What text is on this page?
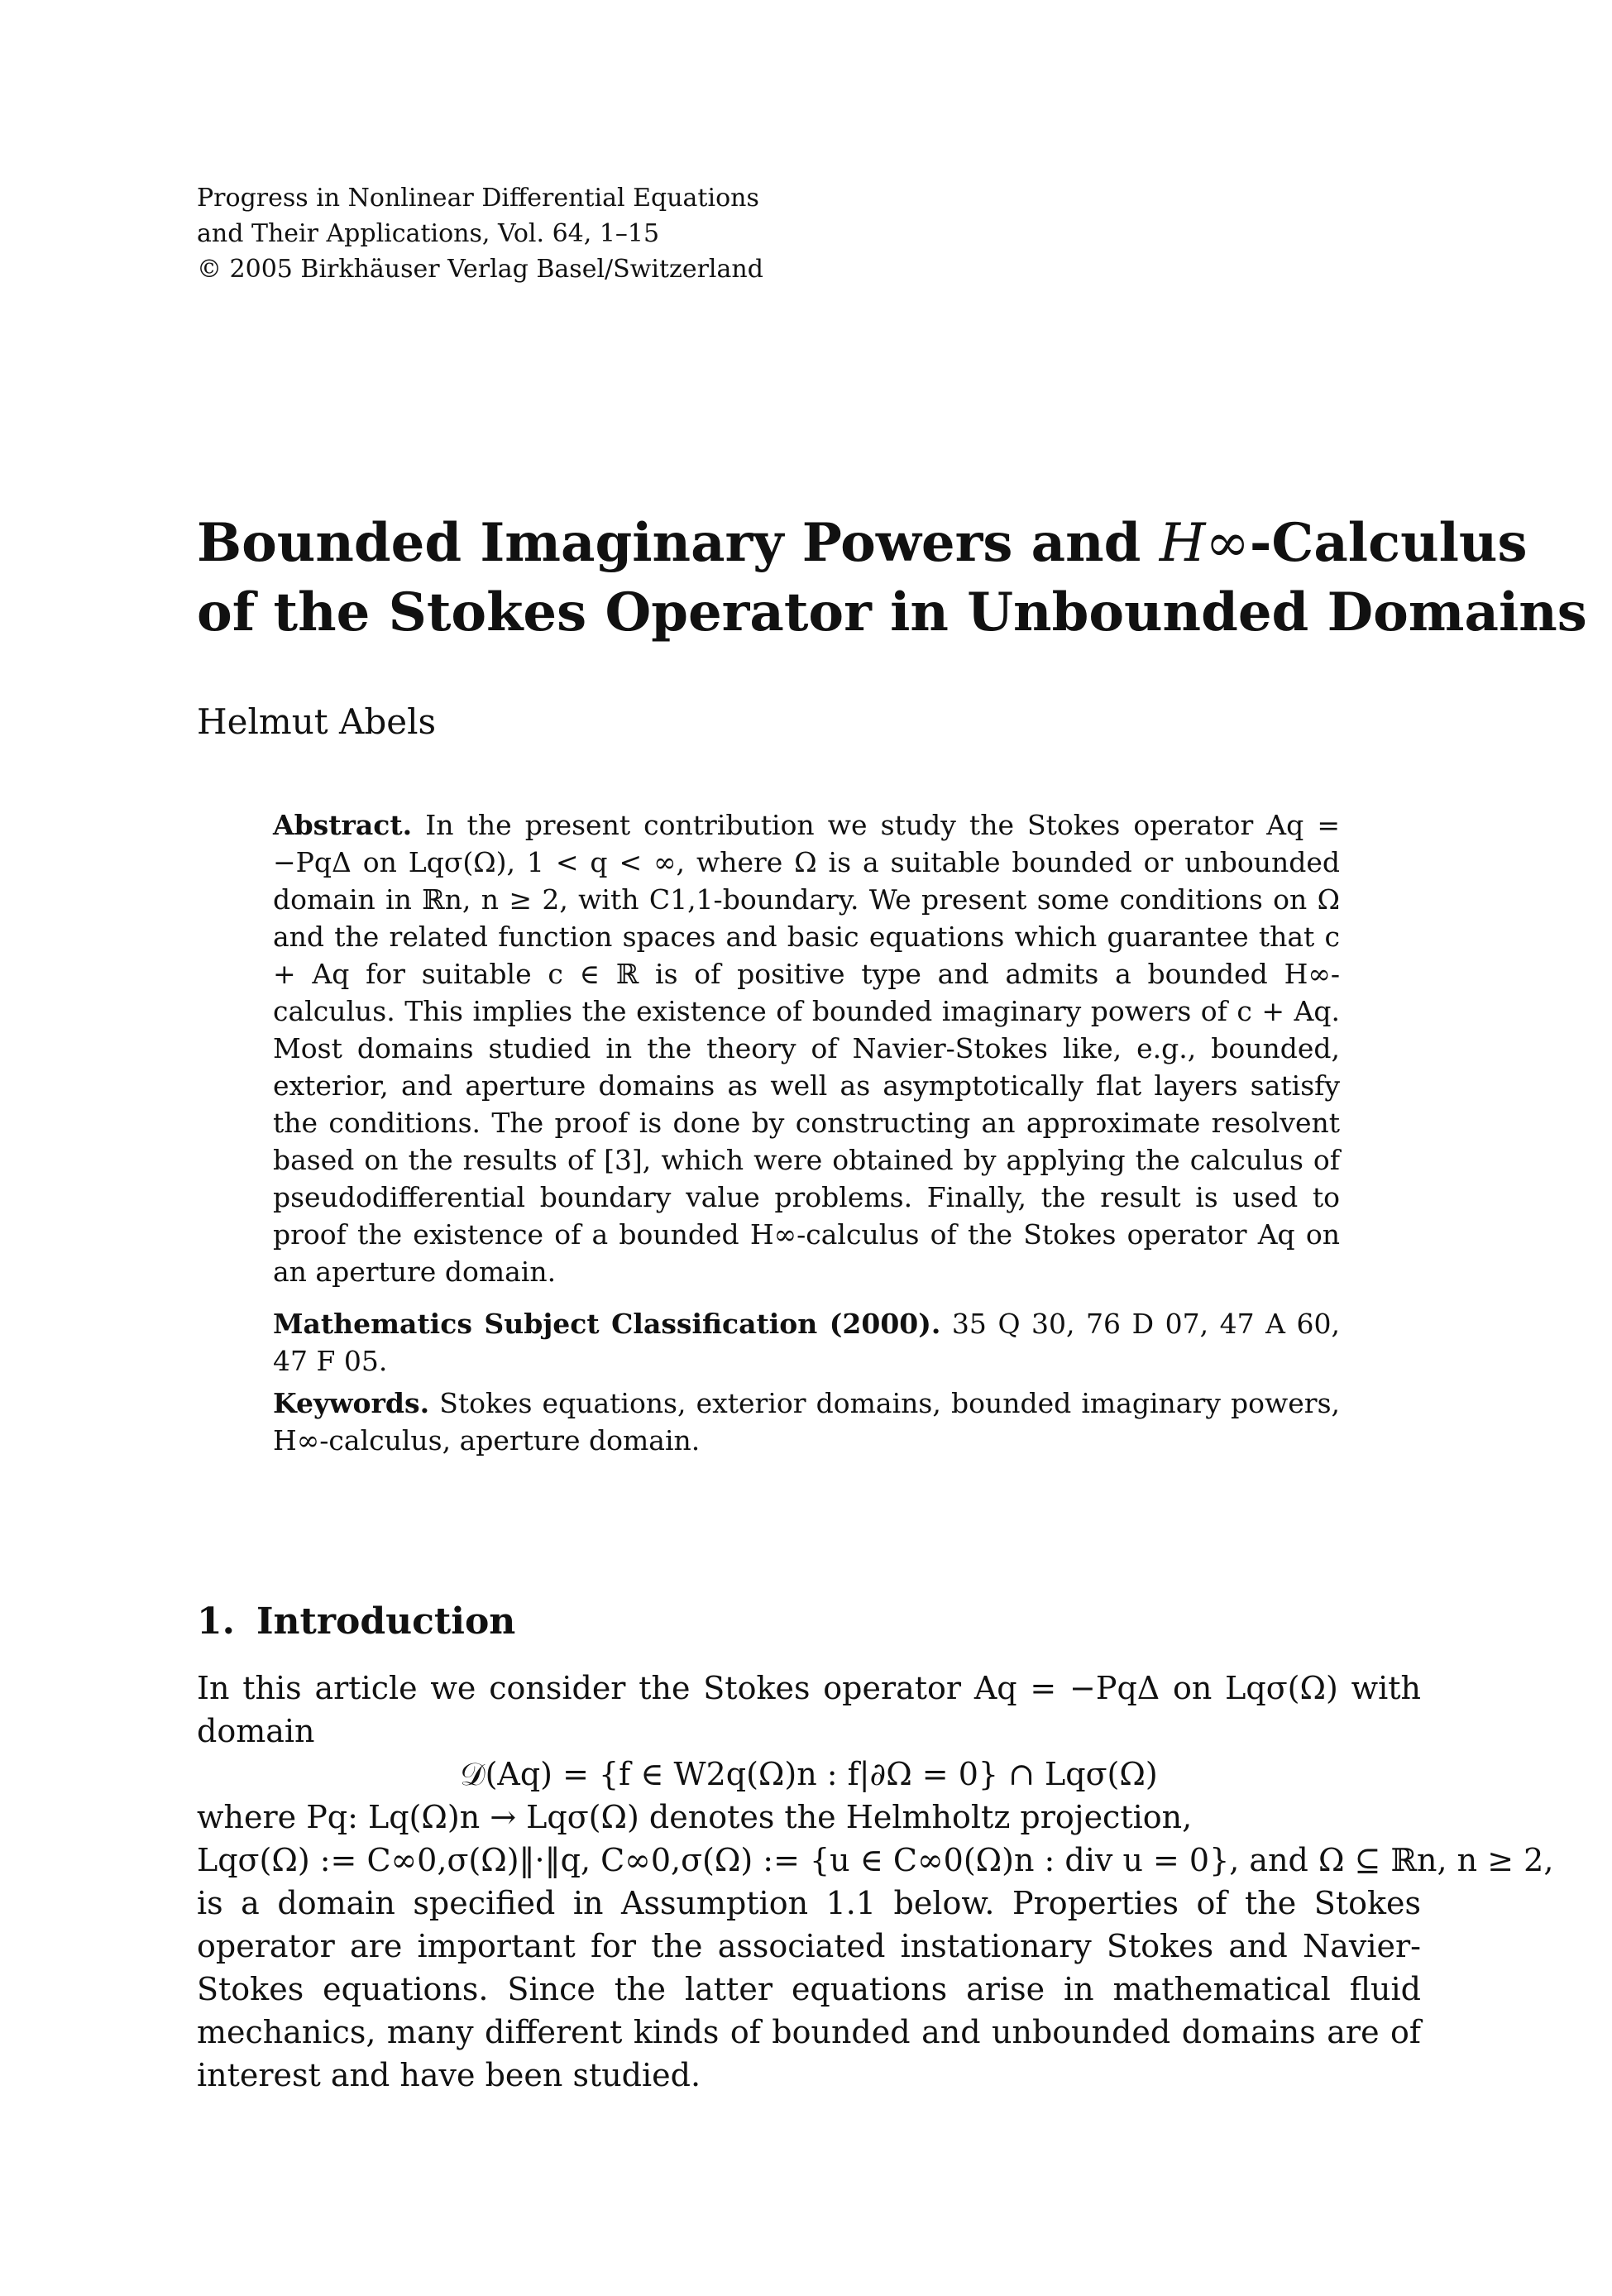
Progress in Nonlinear Differential Equations
and Their Applications, Vol. 64, 1–15
© 2005 Birkhäuser Verlag Basel/Switzerland
Bounded Imaginary Powers and H∞-Calculus
of the Stokes Operator in Unbounded Domains
Helmut Abels

Abstract. In the present contribution we study the Stokes operator Aq = −PqΔ on Lqσ(Ω), 1 < q < ∞, where Ω is a suitable bounded or unbounded domain in ℝn, n ≥ 2, with C1,1-boundary. We present some conditions on Ω and the related function spaces and basic equations which guarantee that c + Aq for suitable c ∈ ℝ is of positive type and admits a bounded H∞-calculus. This implies the existence of bounded imaginary powers of c + Aq. Most domains studied in the theory of Navier-Stokes like, e.g., bounded, exterior, and aperture domains as well as asymptotically flat layers satisfy the conditions. The proof is done by constructing an approximate resolvent based on the results of [3], which were obtained by applying the calculus of pseudodifferential boundary value problems. Finally, the result is used to proof the existence of a bounded H∞-calculus of the Stokes operator Aq on an aperture domain.

Mathematics Subject Classification (2000). 35 Q 30, 76 D 07, 47 A 60, 47 F 05.

Keywords. Stokes equations, exterior domains, bounded imaginary powers, H∞-calculus, aperture domain.

1. Introduction

In this article we consider the Stokes operator Aq = −PqΔ on Lqσ(Ω) with domain

𝒟(Aq) = {f ∈ W2q(Ω)n : f|∂Ω = 0} ∩ Lqσ(Ω)

where Pq: Lq(Ω)n → Lqσ(Ω) denotes the Helmholtz projection,

Lqσ(Ω) := C∞0,σ(Ω)‖·‖q, C∞0,σ(Ω) := {u ∈ C∞0(Ω)n : div u = 0}, and Ω ⊆ ℝn, n ≥ 2,

is a domain specified in Assumption 1.1 below. Properties of the Stokes operator are important for the associated instationary Stokes and Navier-Stokes equations. Since the latter equations arise in mathematical fluid mechanics, many different kinds of bounded and unbounded domains are of interest and have been studied.
